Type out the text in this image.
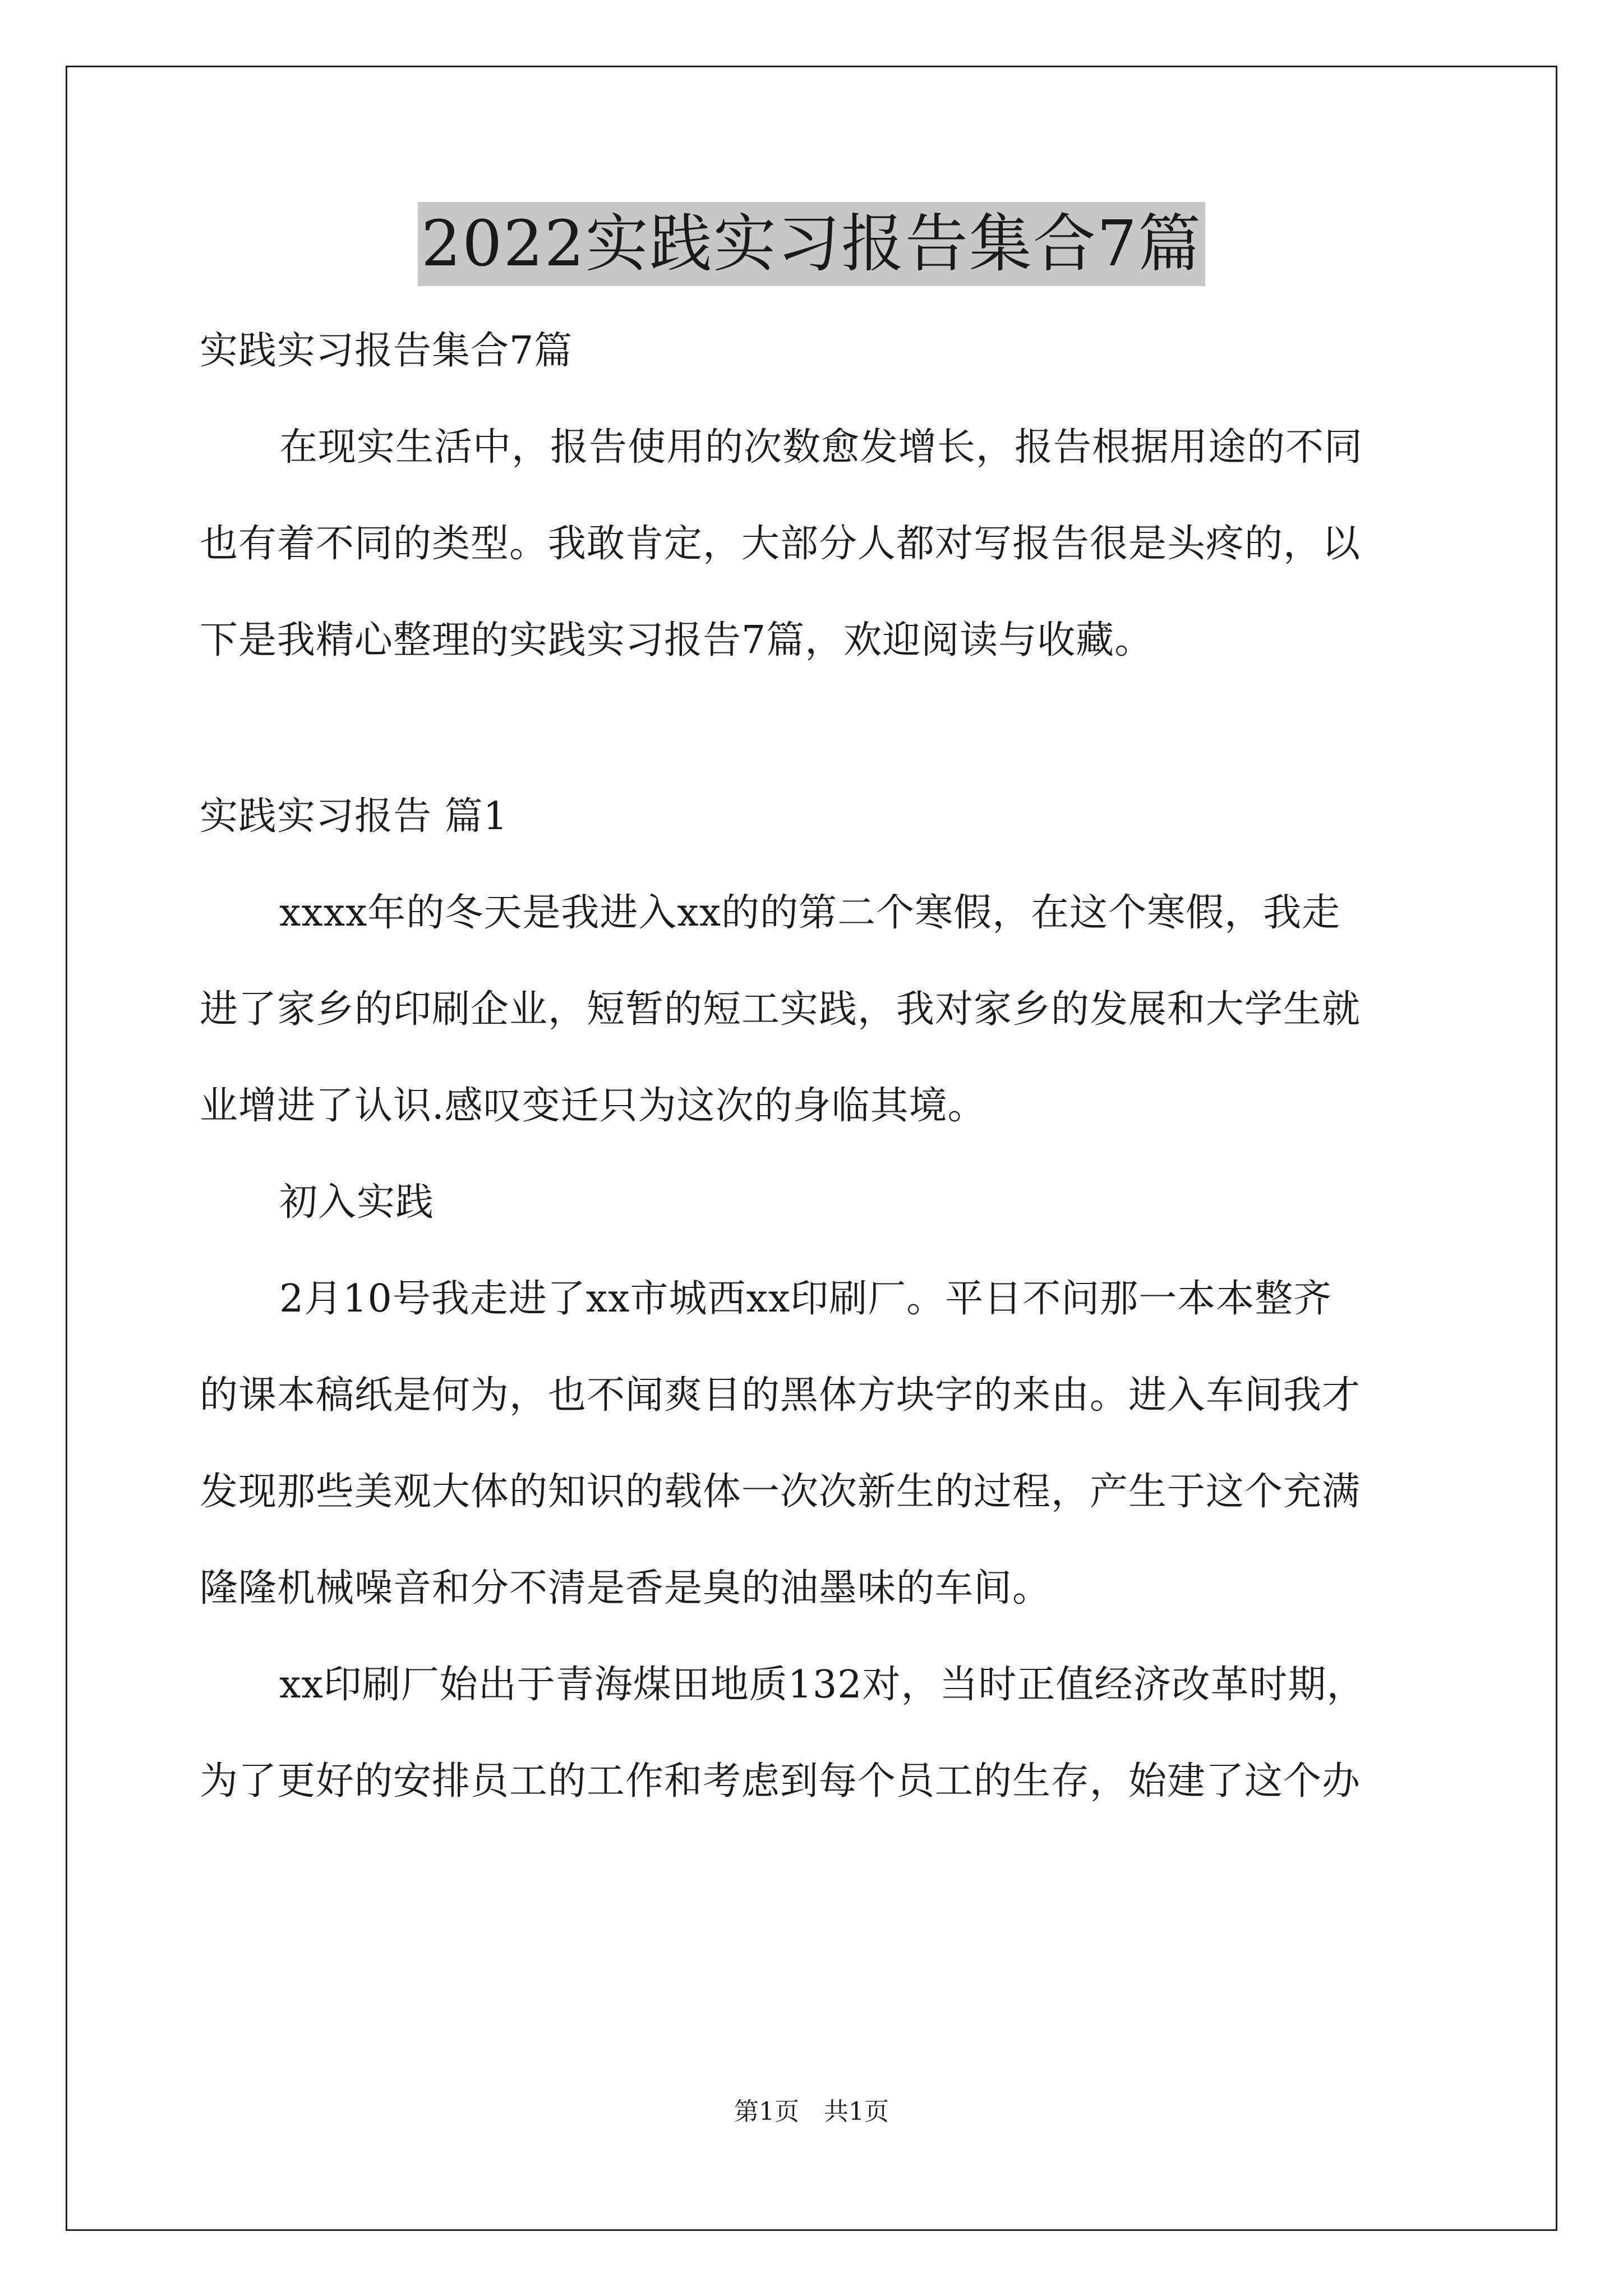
2022实践实习报告集合7篇
实践实习报告集合7篇
在现实生活中，报告使用的次数愈发增长，报告根据用途的不同
也有着不同的类型。我敢肯定，大部分人都对写报告很是头疼的，以
下是我精心整理的实践实习报告7篇，欢迎阅读与收藏。
实践实习报告 篇1
xxxx年的冬天是我进入xx的的第二个寒假，在这个寒假，我走
进了家乡的印刷企业，短暂的短工实践，我对家乡的发展和大学生就
业增进了认识.感叹变迁只为这次的身临其境。
初入实践
2月10号我走进了xx市城西xx印刷厂。平日不问那一本本整齐
的课本稿纸是何为，也不闻爽目的黑体方块字的来由。进入车间我才
发现那些美观大体的知识的载体一次次新生的过程，产生于这个充满
隆隆机械噪音和分不清是香是臭的油墨味的车间。
xx印刷厂始出于青海煤田地质132对，当时正值经济改革时期，
为了更好的安排员工的工作和考虑到每个员工的生存，始建了这个办
第1页　共1页
